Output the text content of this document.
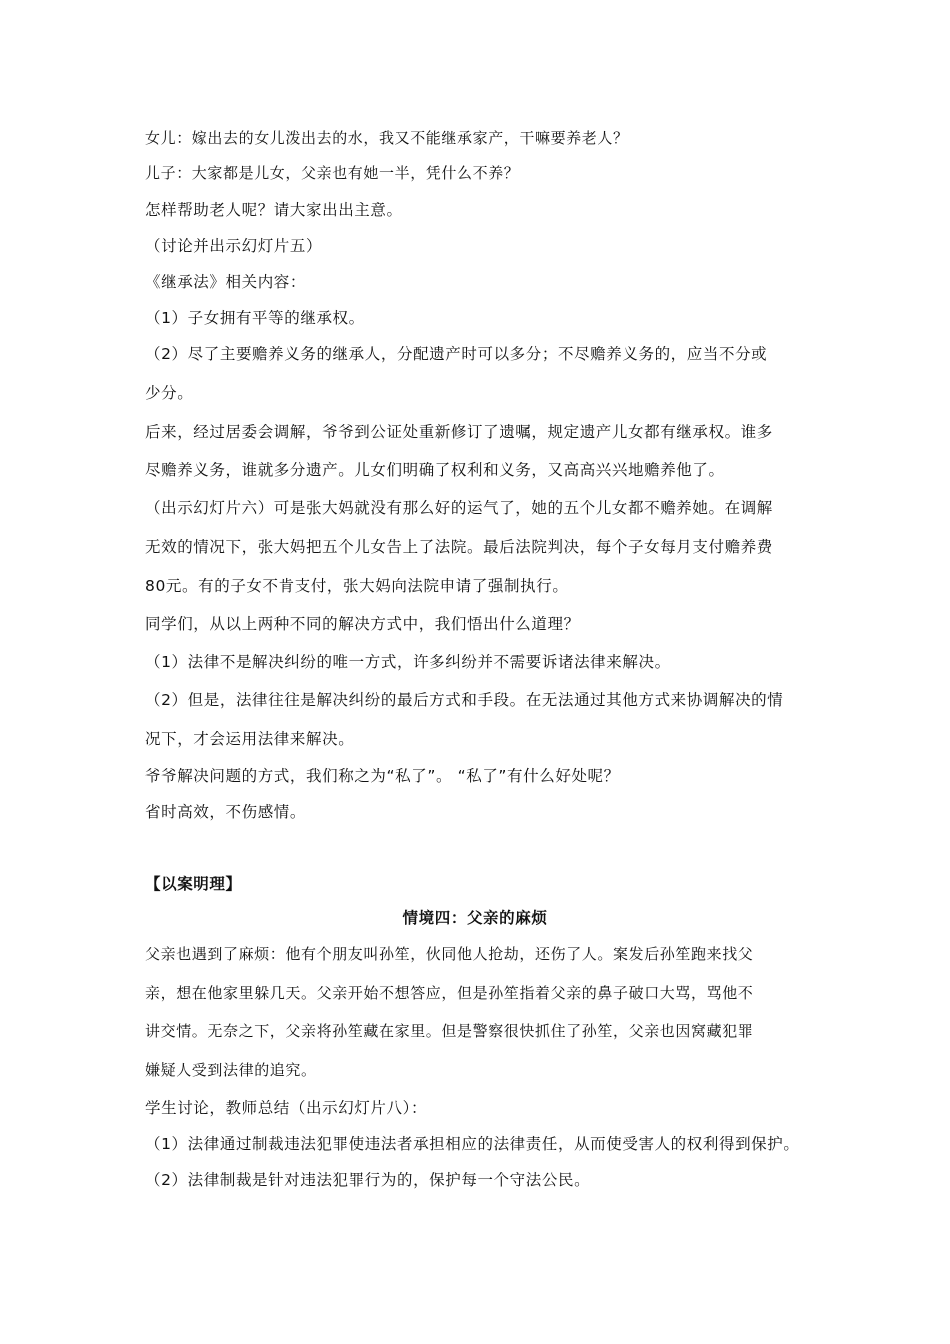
女儿：嫁出去的女儿泼出去的水，我又不能继承家产，干嘛要养老人？
儿子：大家都是儿女，父亲也有她一半，凭什么不养？
怎样帮助老人呢？请大家出出主意。
（讨论并出示幻灯片五）
《继承法》相关内容：
（1）子女拥有平等的继承权。
（2）尽了主要赡养义务的继承人，分配遗产时可以多分；不尽赡养义务的，应当不分或
少分。
后来，经过居委会调解，爷爷到公证处重新修订了遗嘱，规定遗产儿女都有继承权。谁多
尽赡养义务，谁就多分遗产。儿女们明确了权利和义务，又高高兴兴地赡养他了。
（出示幻灯片六）可是张大妈就没有那么好的运气了，她的五个儿女都不赡养她。在调解
无效的情况下，张大妈把五个儿女告上了法院。最后法院判决，每个子女每月支付赡养费
80元。有的子女不肯支付，张大妈向法院申请了强制执行。
同学们，从以上两种不同的解决方式中，我们悟出什么道理？
（1）法律不是解决纠纷的唯一方式，许多纠纷并不需要诉诸法律来解决。
（2）但是，法律往往是解决纠纷的最后方式和手段。在无法通过其他方式来协调解决的情
况下，才会运用法律来解决。
爷爷解决问题的方式，我们称之为“私了”。 “私了”有什么好处呢？
省时高效，不伤感情。
【以案明理】
情境四：父亲的麻烦
父亲也遇到了麻烦：他有个朋友叫孙笙，伙同他人抢劫，还伤了人。案发后孙笙跑来找父
亲，想在他家里躲几天。父亲开始不想答应，但是孙笙指着父亲的鼻子破口大骂，骂他不
讲交情。无奈之下，父亲将孙笙藏在家里。但是警察很快抓住了孙笙，父亲也因窝藏犯罪
嫌疑人受到法律的追究。
学生讨论，教师总结（出示幻灯片八）：
（1）法律通过制裁违法犯罪使违法者承担相应的法律责任，从而使受害人的权利得到保护。
（2）法律制裁是针对违法犯罪行为的，保护每一个守法公民。
